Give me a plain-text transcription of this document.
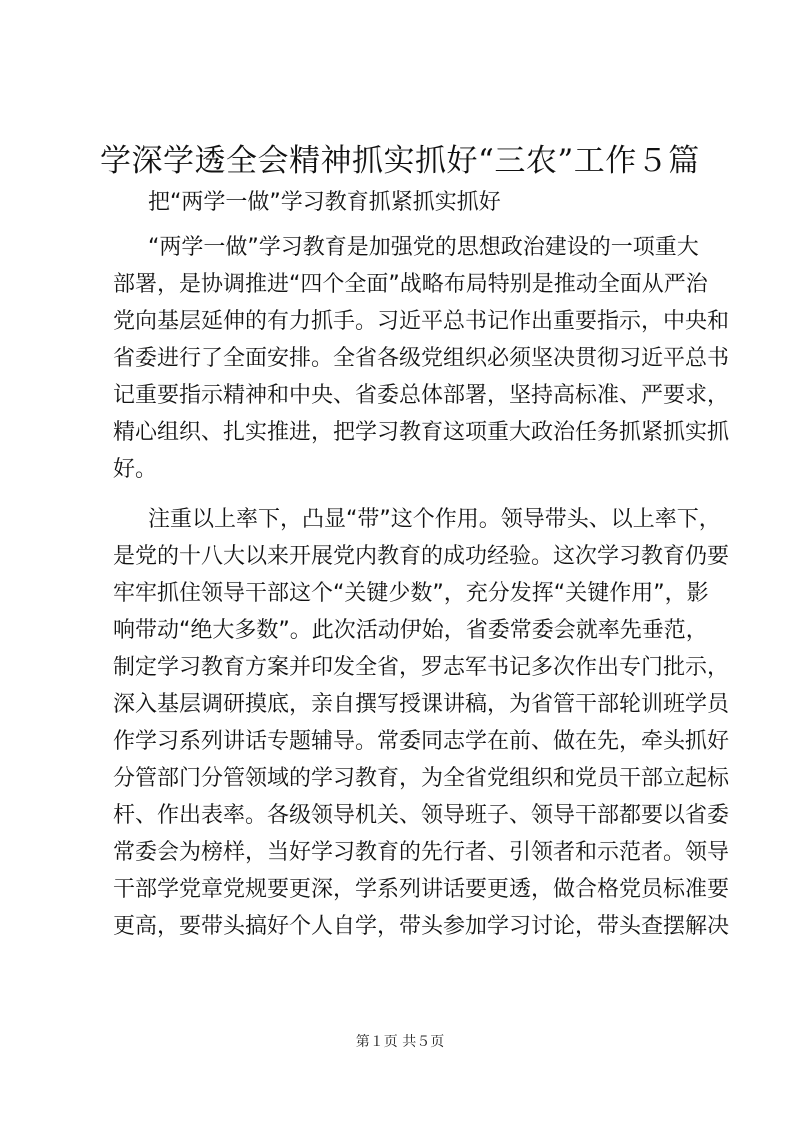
学深学透全会精神抓实抓好“三农”工作５篇
把“两学一做”学习教育抓紧抓实抓好
“两学一做”学习教育是加强党的思想政治建设的一项重大
部署，是协调推进“四个全面”战略布局特别是推动全面从严治
党向基层延伸的有力抓手。习近平总书记作出重要指示，中央和
省委进行了全面安排。全省各级党组织必须坚决贯彻习近平总书
记重要指示精神和中央、省委总体部署，坚持高标准、严要求，
精心组织、扎实推进，把学习教育这项重大政治任务抓紧抓实抓
好。
注重以上率下，凸显“带”这个作用。领导带头、以上率下，
是党的十八大以来开展党内教育的成功经验。这次学习教育仍要
牢牢抓住领导干部这个“关键少数”，充分发挥“关键作用”，影
响带动“绝大多数”。此次活动伊始，省委常委会就率先垂范，
制定学习教育方案并印发全省，罗志军书记多次作出专门批示，
深入基层调研摸底，亲自撰写授课讲稿，为省管干部轮训班学员
作学习系列讲话专题辅导。常委同志学在前、做在先，牵头抓好
分管部门分管领域的学习教育，为全省党组织和党员干部立起标
杆、作出表率。各级领导机关、领导班子、领导干部都要以省委
常委会为榜样，当好学习教育的先行者、引领者和示范者。领导
干部学党章党规要更深，学系列讲话要更透，做合格党员标准要
更高，要带头搞好个人自学，带头参加学习讨论，带头查摆解决
第１页 共５页
